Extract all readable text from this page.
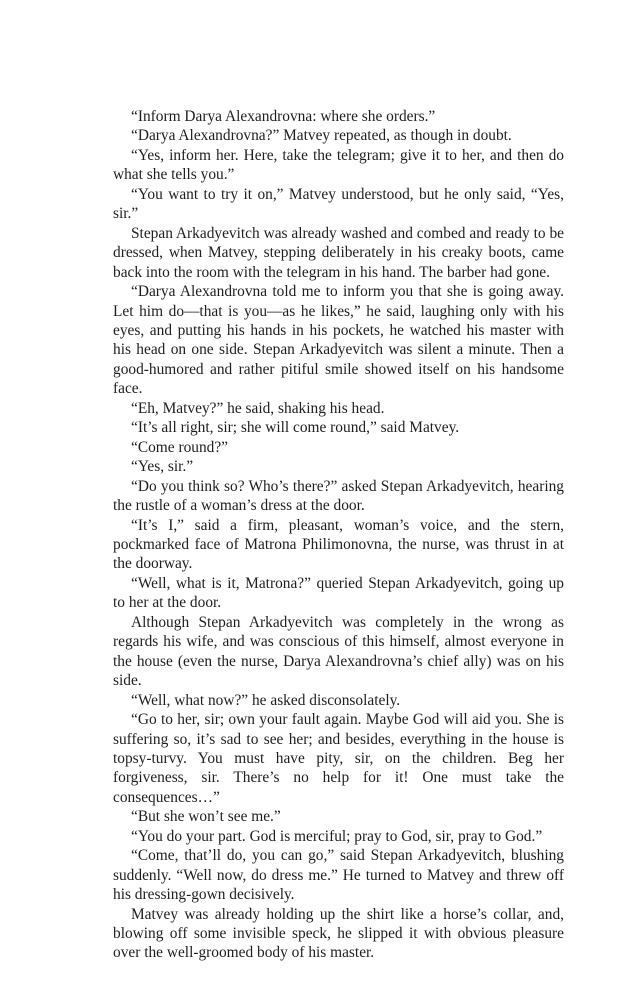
“Inform Darya Alexandrovna: where she orders.”

“Darya Alexandrovna?” Matvey repeated, as though in doubt.

“Yes, inform her. Here, take the telegram; give it to her, and then do what she tells you.”

“You want to try it on,” Matvey understood, but he only said, “Yes, sir.”

Stepan Arkadyevitch was already washed and combed and ready to be dressed, when Matvey, stepping deliberately in his creaky boots, came back into the room with the telegram in his hand. The barber had gone.

“Darya Alexandrovna told me to inform you that she is going away. Let him do—that is you—as he likes,” he said, laughing only with his eyes, and putting his hands in his pockets, he watched his master with his head on one side. Stepan Arkadyevitch was silent a minute. Then a good-humored and rather pitiful smile showed itself on his handsome face.

“Eh, Matvey?” he said, shaking his head.

“It’s all right, sir; she will come round,” said Matvey.

“Come round?”

“Yes, sir.”

“Do you think so? Who’s there?” asked Stepan Arkadyevitch, hearing the rustle of a woman’s dress at the door.

“It’s I,” said a firm, pleasant, woman’s voice, and the stern, pockmarked face of Matrona Philimonovna, the nurse, was thrust in at the doorway.

“Well, what is it, Matrona?” queried Stepan Arkadyevitch, going up to her at the door.

Although Stepan Arkadyevitch was completely in the wrong as regards his wife, and was conscious of this himself, almost everyone in the house (even the nurse, Darya Alexandrovna’s chief ally) was on his side.

“Well, what now?” he asked disconsolately.

“Go to her, sir; own your fault again. Maybe God will aid you. She is suffering so, it’s sad to see her; and besides, everything in the house is topsy-turvy. You must have pity, sir, on the children. Beg her forgiveness, sir. There’s no help for it! One must take the consequences…”

“But she won’t see me.”

“You do your part. God is merciful; pray to God, sir, pray to God.”

“Come, that’ll do, you can go,” said Stepan Arkadyevitch, blushing suddenly. “Well now, do dress me.” He turned to Matvey and threw off his dressing-gown decisively.

Matvey was already holding up the shirt like a horse’s collar, and, blowing off some invisible speck, he slipped it with obvious pleasure over the well-groomed body of his master.
